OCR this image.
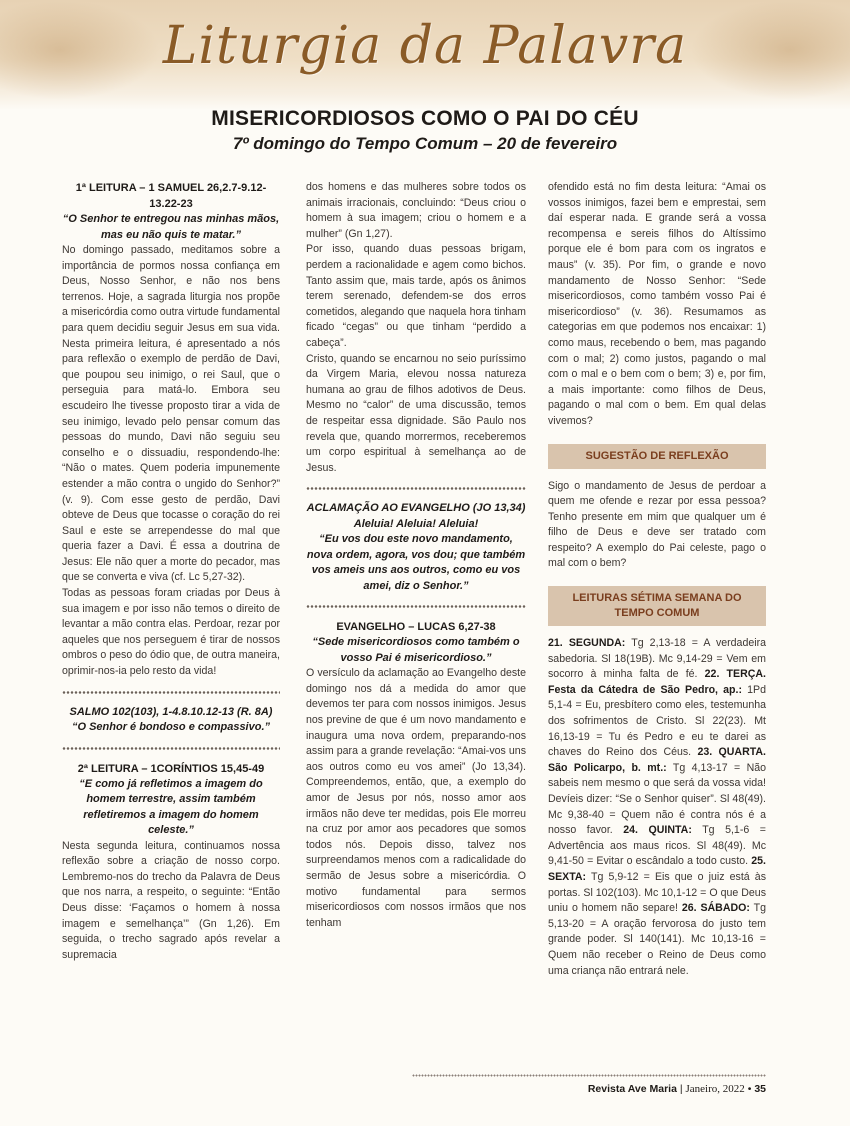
Liturgia da Palavra
MISERICORDIOSOS COMO O PAI DO CÉU
7º domingo do Tempo Comum – 20 de fevereiro

1ª LEITURA – 1 SAMUEL 26,2.7-9.12-13.22-23

“O Senhor te entregou nas minhas mãos, mas eu não quis te matar.”

No domingo passado, meditamos sobre a importância de pormos nossa confiança em Deus, Nosso Senhor, e não nos bens terrenos. Hoje, a sagrada liturgia nos propõe a misericórdia como outra virtude fundamental para quem decidiu seguir Jesus em sua vida. Nesta primeira leitura, é apresentado a nós para reflexão o exemplo de perdão de Davi, que poupou seu inimigo, o rei Saul, que o perseguia para matá-lo. Embora seu escudeiro lhe tivesse proposto tirar a vida de seu inimigo, levado pelo pensar comum das pessoas do mundo, Davi não seguiu seu conselho e o dissuadiu, respondendo-lhe: “Não o mates. Quem poderia impunemente estender a mão contra o ungido do Senhor?” (v. 9). Com esse gesto de perdão, Davi obteve de Deus que tocasse o coração do rei Saul e este se arrependesse do mal que queria fazer a Davi. É essa a doutrina de Jesus: Ele não quer a morte do pecador, mas que se converta e viva (cf. Lc 5,27-32).

Todas as pessoas foram criadas por Deus à sua imagem e por isso não temos o direito de levantar a mão contra elas. Perdoar, rezar por aqueles que nos perseguem é tirar de nossos ombros o peso do ódio que, de outra maneira, oprimir-nos-ia pelo resto da vida!

SALMO 102(103), 1-4.8.10.12-13 (R. 8A)

“O Senhor é bondoso e compassivo.”

2ª LEITURA – 1CORÍNTIOS 15,45-49

“E como já refletimos a imagem do homem terrestre, assim também refletiremos a imagem do homem celeste.”

Nesta segunda leitura, continuamos nossa reflexão sobre a criação de nosso corpo. Lembremo-nos do trecho da Palavra de Deus que nos narra, a respeito, o seguinte: “Então Deus disse: ‘Façamos o homem à nossa imagem e semelhança’” (Gn 1,26). Em seguida, o trecho sagrado após revelar a supremacia

dos homens e das mulheres sobre todos os animais irracionais, concluindo: “Deus criou o homem à sua imagem; criou o homem e a mulher” (Gn 1,27).

Por isso, quando duas pessoas brigam, perdem a racionalidade e agem como bichos. Tanto assim que, mais tarde, após os ânimos terem serenado, defendem-se dos erros cometidos, alegando que naquela hora tinham ficado “cegas” ou que tinham “perdido a cabeça”.

Cristo, quando se encarnou no seio puríssimo da Virgem Maria, elevou nossa natureza humana ao grau de filhos adotivos de Deus. Mesmo no “calor” de uma discussão, temos de respeitar essa dignidade. São Paulo nos revela que, quando morrermos, receberemos um corpo espiritual à semelhança ao de Jesus.

ACLAMAÇÃO AO EVANGELHO (JO 13,34)

Aleluia! Aleluia! Aleluia!

“Eu vos dou este novo mandamento, nova ordem, agora, vos dou; que também vos ameis uns aos outros, como eu vos amei, diz o Senhor.”

EVANGELHO – LUCAS 6,27-38

“Sede misericordiosos como também o vosso Pai é misericordioso.”

O versículo da aclamação ao Evangelho deste domingo nos dá a medida do amor que devemos ter para com nossos inimigos. Jesus nos previne de que é um novo mandamento e inaugura uma nova ordem, preparando-nos assim para a grande revelação: “Amai-vos uns aos outros como eu vos amei” (Jo 13,34). Compreendemos, então, que, a exemplo do amor de Jesus por nós, nosso amor aos irmãos não deve ter medidas, pois Ele morreu na cruz por amor aos pecadores que somos todos nós. Depois disso, talvez nos surpreendamos menos com a radicalidade do sermão de Jesus sobre a misericórdia. O motivo fundamental para sermos misericordiosos com nossos irmãos que nos tenham

ofendido está no fim desta leitura: “Amai os vossos inimigos, fazei bem e emprestai, sem daí esperar nada. E grande será a vossa recompensa e sereis filhos do Altíssimo porque ele é bom para com os ingratos e maus” (v. 35). Por fim, o grande e novo mandamento de Nosso Senhor: “Sede misericordiosos, como também vosso Pai é misericordioso” (v. 36). Resumamos as categorias em que podemos nos encaixar: 1) como maus, recebendo o bem, mas pagando com o mal; 2) como justos, pagando o mal com o mal e o bem com o bem; 3) e, por fim, a mais importante: como filhos de Deus, pagando o mal com o bem. Em qual delas vivemos?

SUGESTÃO DE REFLEXÃO

Sigo o mandamento de Jesus de perdoar a quem me ofende e rezar por essa pessoa? Tenho presente em mim que qualquer um é filho de Deus e deve ser tratado com respeito? A exemplo do Pai celeste, pago o mal com o bem?

LEITURAS SÉTIMA SEMANA DO TEMPO COMUM

21. SEGUNDA: Tg 2,13-18 = A verdadeira sabedoria. Sl 18(19B). Mc 9,14-29 = Vem em socorro à minha falta de fé. 22. TERÇA. Festa da Cátedra de São Pedro, ap.: 1Pd 5,1-4 = Eu, presbítero como eles, testemunha dos sofrimentos de Cristo. Sl 22(23). Mt 16,13-19 = Tu és Pedro e eu te darei as chaves do Reino dos Céus. 23. QUARTA. São Policarpo, b. mt.: Tg 4,13-17 = Não sabeis nem mesmo o que será da vossa vida! Devíeis dizer: “Se o Senhor quiser”. Sl 48(49). Mc 9,38-40 = Quem não é contra nós é a nosso favor. 24. QUINTA: Tg 5,1-6 = Advertência aos maus ricos. Sl 48(49). Mc 9,41-50 = Evitar o escândalo a todo custo. 25. SEXTA: Tg 5,9-12 = Eis que o juiz está às portas. Sl 102(103). Mc 10,1-12 = O que Deus uniu o homem não separe! 26. SÁBADO: Tg 5,13-20 = A oração fervorosa do justo tem grande poder. Sl 140(141). Mc 10,13-16 = Quem não receber o Reino de Deus como uma criança não entrará nele.

Revista Ave Maria | Janeiro, 2022 • 35
